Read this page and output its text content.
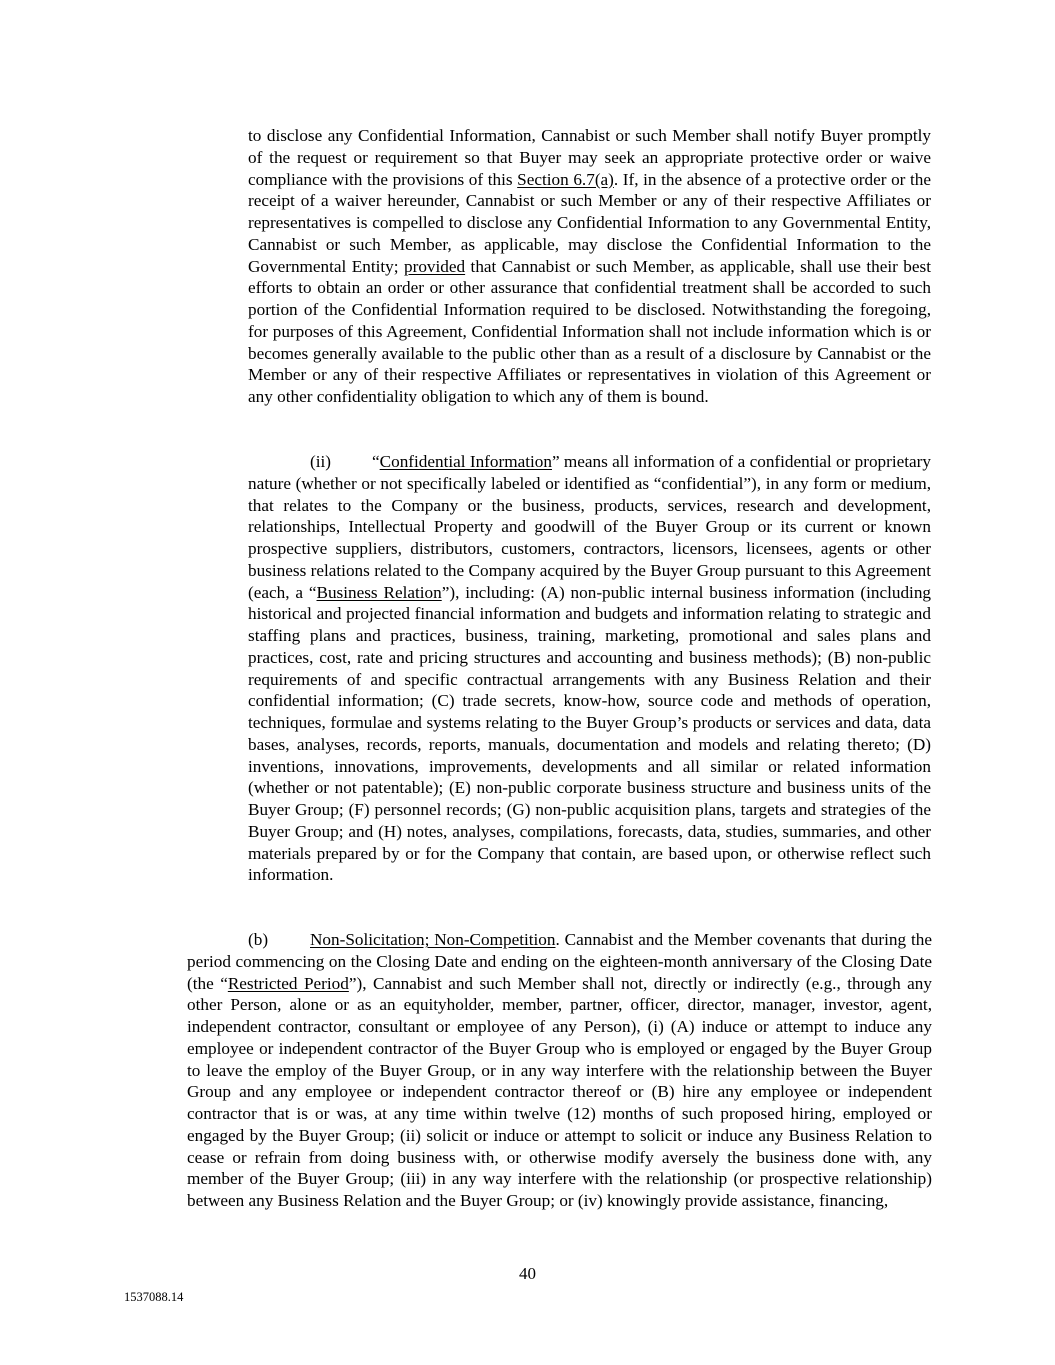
to disclose any Confidential Information, Cannabist or such Member shall notify Buyer promptly of the request or requirement so that Buyer may seek an appropriate protective order or waive compliance with the provisions of this Section 6.7(a). If, in the absence of a protective order or the receipt of a waiver hereunder, Cannabist or such Member or any of their respective Affiliates or representatives is compelled to disclose any Confidential Information to any Governmental Entity, Cannabist or such Member, as applicable, may disclose the Confidential Information to the Governmental Entity; provided that Cannabist or such Member, as applicable, shall use their best efforts to obtain an order or other assurance that confidential treatment shall be accorded to such portion of the Confidential Information required to be disclosed. Notwithstanding the foregoing, for purposes of this Agreement, Confidential Information shall not include information which is or becomes generally available to the public other than as a result of a disclosure by Cannabist or the Member or any of their respective Affiliates or representatives in violation of this Agreement or any other confidentiality obligation to which any of them is bound.
(ii) “Confidential Information” means all information of a confidential or proprietary nature (whether or not specifically labeled or identified as “confidential”), in any form or medium, that relates to the Company or the business, products, services, research and development, relationships, Intellectual Property and goodwill of the Buyer Group or its current or known prospective suppliers, distributors, customers, contractors, licensors, licensees, agents or other business relations related to the Company acquired by the Buyer Group pursuant to this Agreement (each, a “Business Relation”), including: (A) non-public internal business information (including historical and projected financial information and budgets and information relating to strategic and staffing plans and practices, business, training, marketing, promotional and sales plans and practices, cost, rate and pricing structures and accounting and business methods); (B) non-public requirements of and specific contractual arrangements with any Business Relation and their confidential information; (C) trade secrets, know-how, source code and methods of operation, techniques, formulae and systems relating to the Buyer Group’s products or services and data, data bases, analyses, records, reports, manuals, documentation and models and relating thereto; (D) inventions, innovations, improvements, developments and all similar or related information (whether or not patentable); (E) non-public corporate business structure and business units of the Buyer Group; (F) personnel records; (G) non-public acquisition plans, targets and strategies of the Buyer Group; and (H) notes, analyses, compilations, forecasts, data, studies, summaries, and other materials prepared by or for the Company that contain, are based upon, or otherwise reflect such information.
(b) Non-Solicitation; Non-Competition. Cannabist and the Member covenants that during the period commencing on the Closing Date and ending on the eighteen-month anniversary of the Closing Date (the “Restricted Period”), Cannabist and such Member shall not, directly or indirectly (e.g., through any other Person, alone or as an equityholder, member, partner, officer, director, manager, investor, agent, independent contractor, consultant or employee of any Person), (i) (A) induce or attempt to induce any employee or independent contractor of the Buyer Group who is employed or engaged by the Buyer Group to leave the employ of the Buyer Group, or in any way interfere with the relationship between the Buyer Group and any employee or independent contractor thereof or (B) hire any employee or independent contractor that is or was, at any time within twelve (12) months of such proposed hiring, employed or engaged by the Buyer Group; (ii) solicit or induce or attempt to solicit or induce any Business Relation to cease or refrain from doing business with, or otherwise modify aversely the business done with, any member of the Buyer Group; (iii) in any way interfere with the relationship (or prospective relationship) between any Business Relation and the Buyer Group; or (iv) knowingly provide assistance, financing,
40
1537088.14
